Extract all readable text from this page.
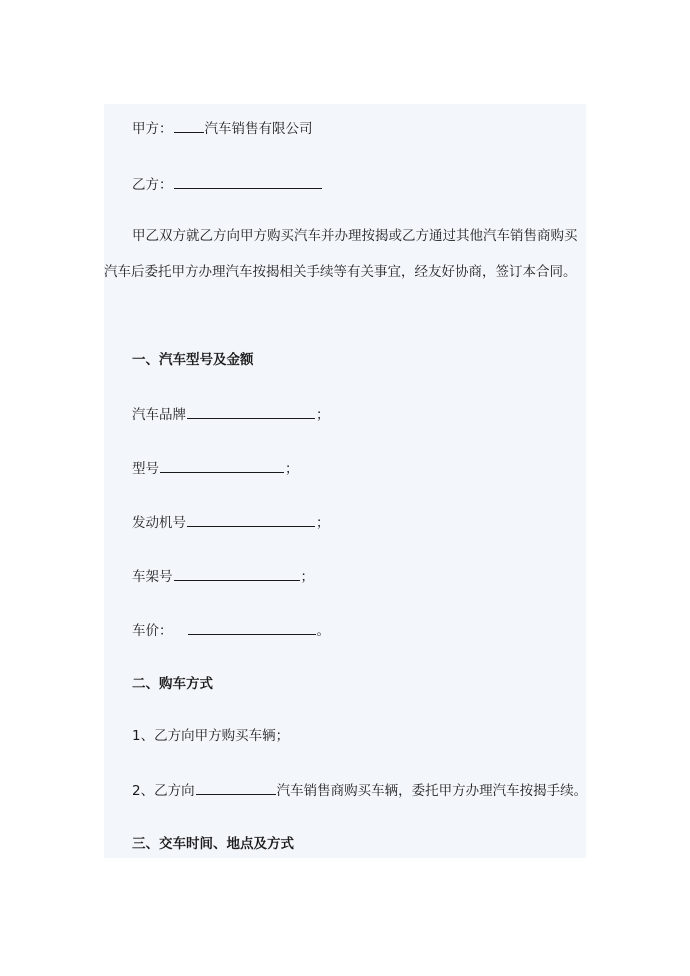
甲方： 汽车销售有限公司
乙方：
甲乙双方就乙方向甲方购买汽车并办理按揭或乙方通过其他汽车销售商购买汽车后委托甲方办理汽车按揭相关手续等有关事宜，经友好协商，签订本合同。
一、汽车型号及金额
汽车品牌	；
型号	；
发动机号	；
车架号	；
车价：	。
二、购车方式
1、乙方向甲方购买车辆；
2、乙方向	汽车销售商购买车辆，委托甲方办理汽车按揭手续。
三、交车时间、地点及方式
